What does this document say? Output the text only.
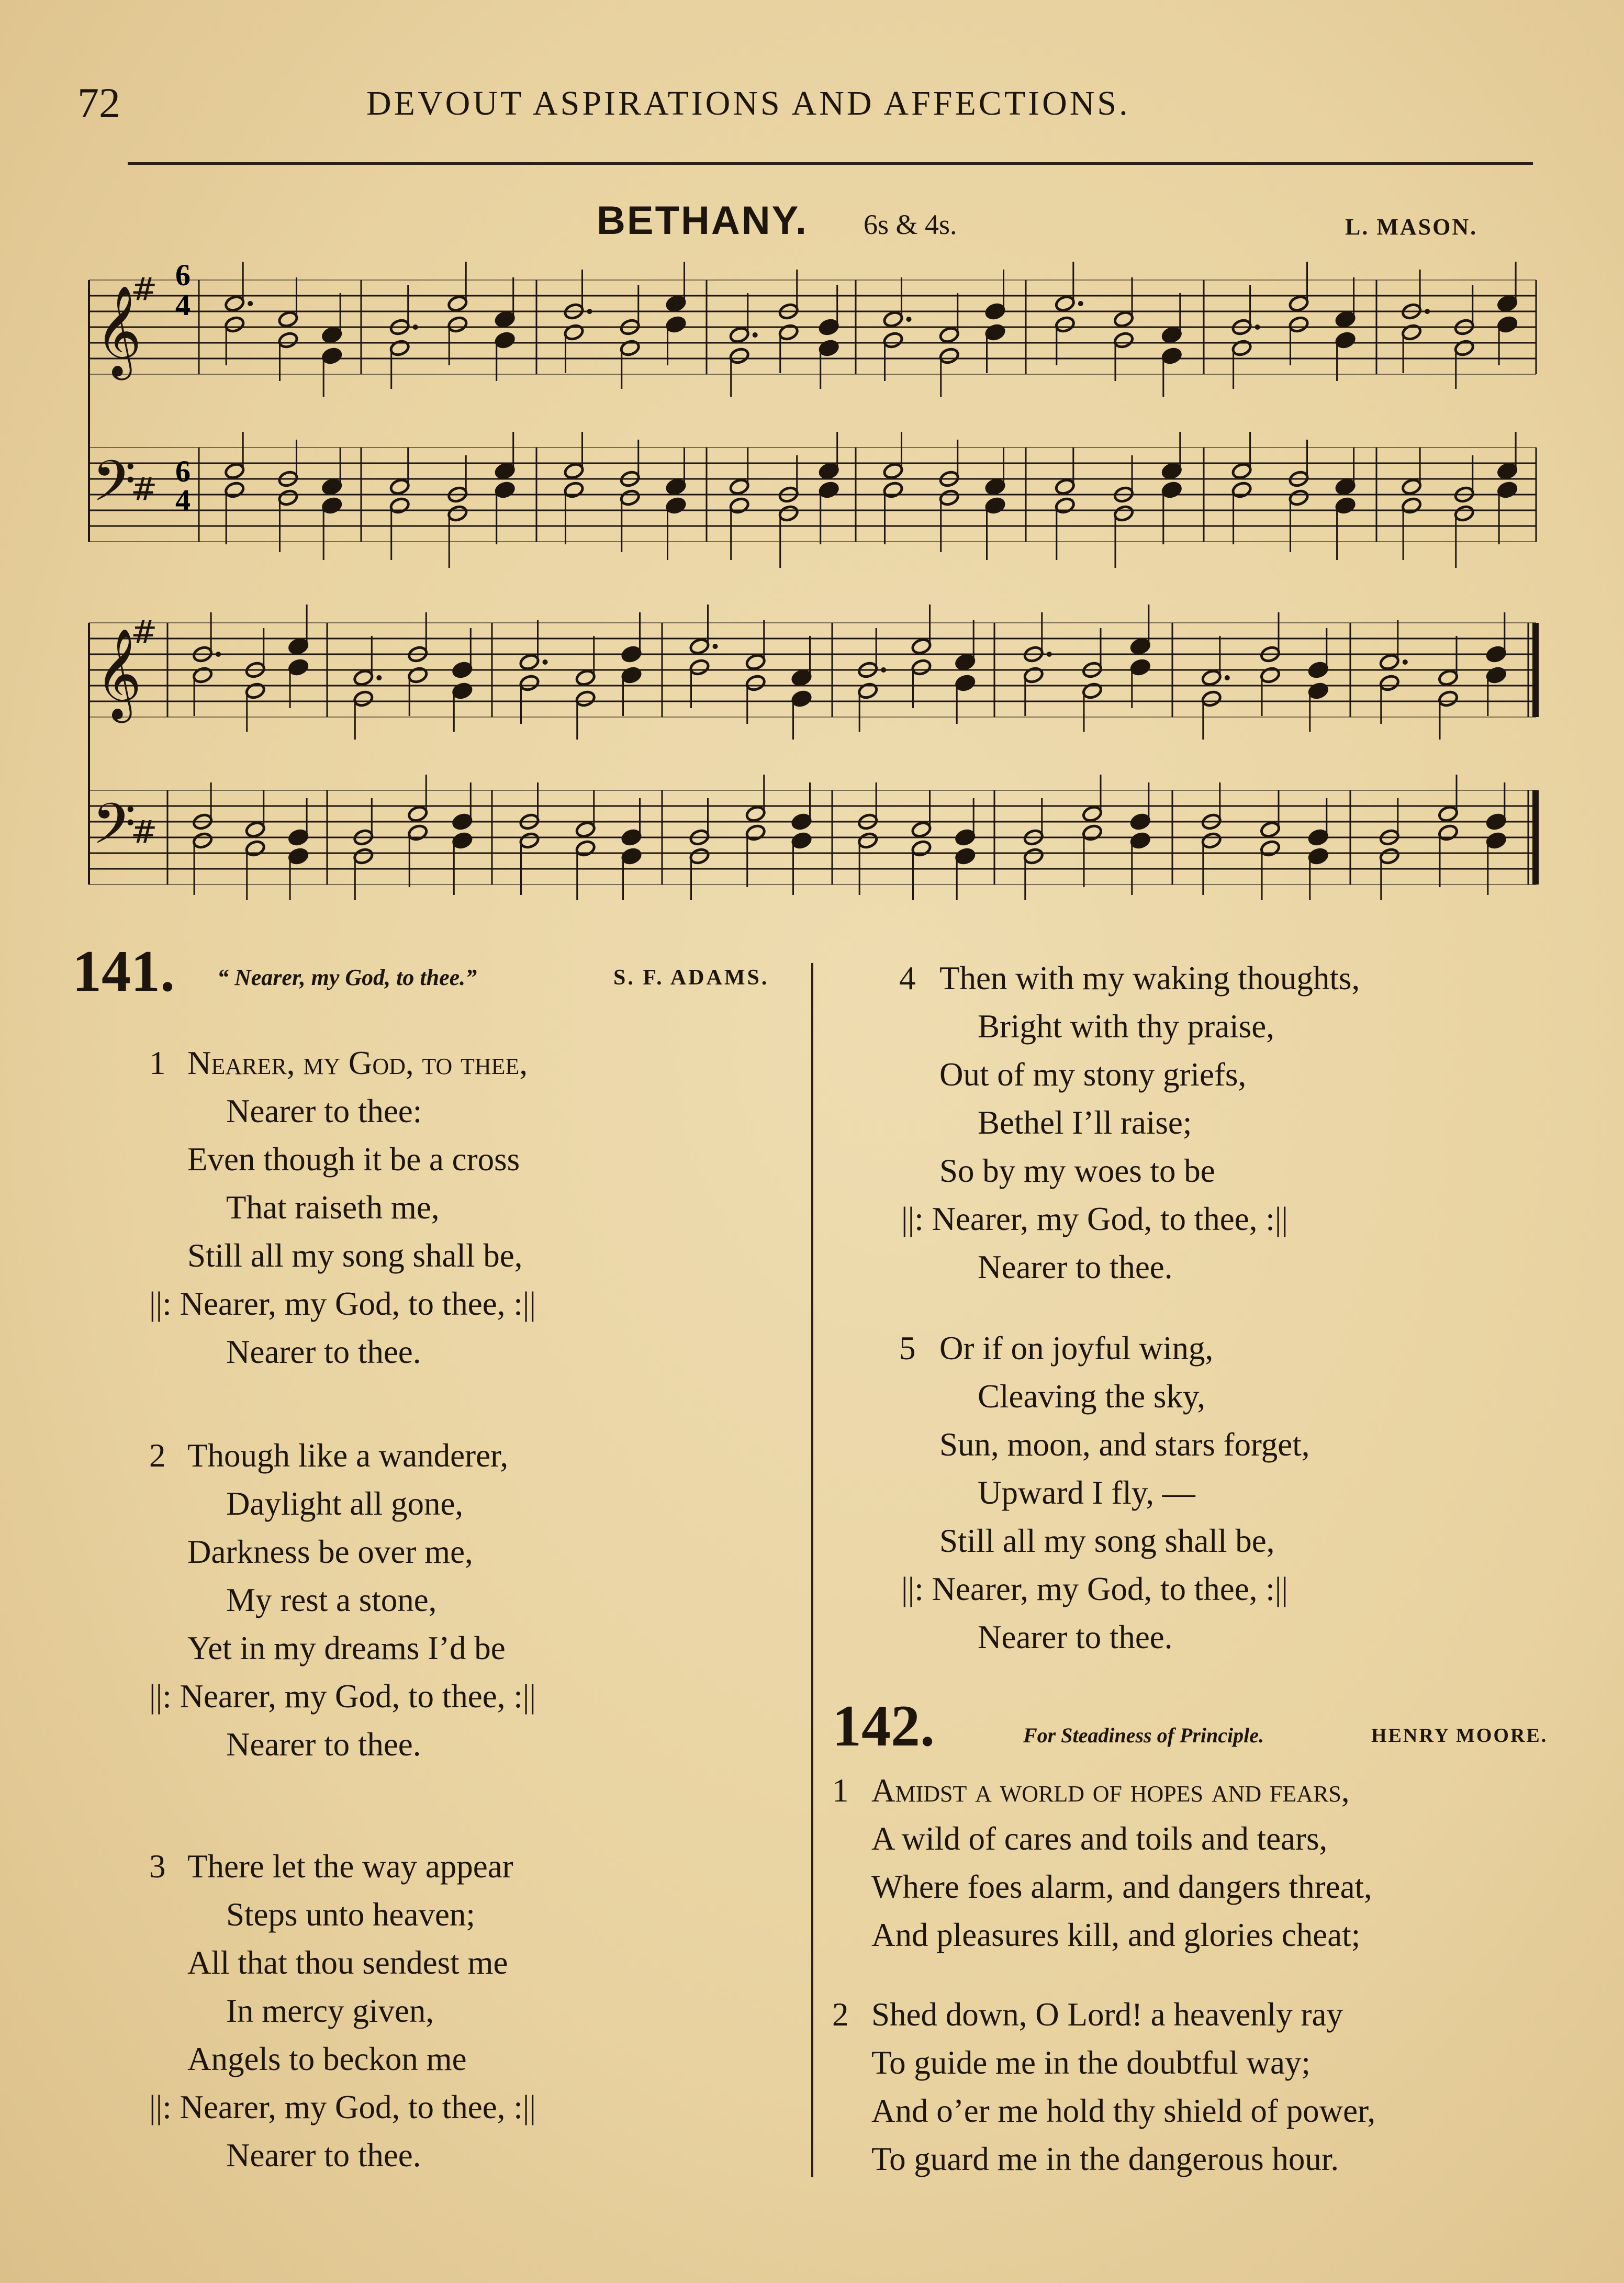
72	DEVOUT ASPIRATIONS AND AFFECTIONS.
BETHANY. 6s & 4s.	L. MASON.
𝄞
#
𝄢
#
𝄞
#
𝄢
#
6
4
6
4
141. “ Nearer, my God, to thee.”	S. F. ADAMS.
1 Nearer, my God, to thee,
Nearer to thee:
Even though it be a cross
That raiseth me,
Still all my song shall be,
||: Nearer, my God, to thee, :||
Nearer to thee.
2 Though like a wanderer,
Daylight all gone,
Darkness be over me,
My rest a stone,
Yet in my dreams I’d be
||: Nearer, my God, to thee, :||
Nearer to thee.
3 There let the way appear
Steps unto heaven;
All that thou sendest me
In mercy given,
Angels to beckon me
||: Nearer, my God, to thee, :||
Nearer to thee.
4 Then with my waking thoughts,
Bright with thy praise,
Out of my stony griefs,
Bethel I’ll raise;
So by my woes to be
||: Nearer, my God, to thee, :||
Nearer to thee.
5 Or if on joyful wing,
Cleaving the sky,
Sun, moon, and stars forget,
Upward I fly, —
Still all my song shall be,
||: Nearer, my God, to thee, :||
Nearer to thee.
142.	For Steadiness of Principle.	HENRY MOORE.
1 Amidst a world of hopes and fears,
A wild of cares and toils and tears,
Where foes alarm, and dangers threat,
And pleasures kill, and glories cheat;
2 Shed down, O Lord! a heavenly ray
To guide me in the doubtful way;
And o’er me hold thy shield of power,
To guard me in the dangerous hour.
